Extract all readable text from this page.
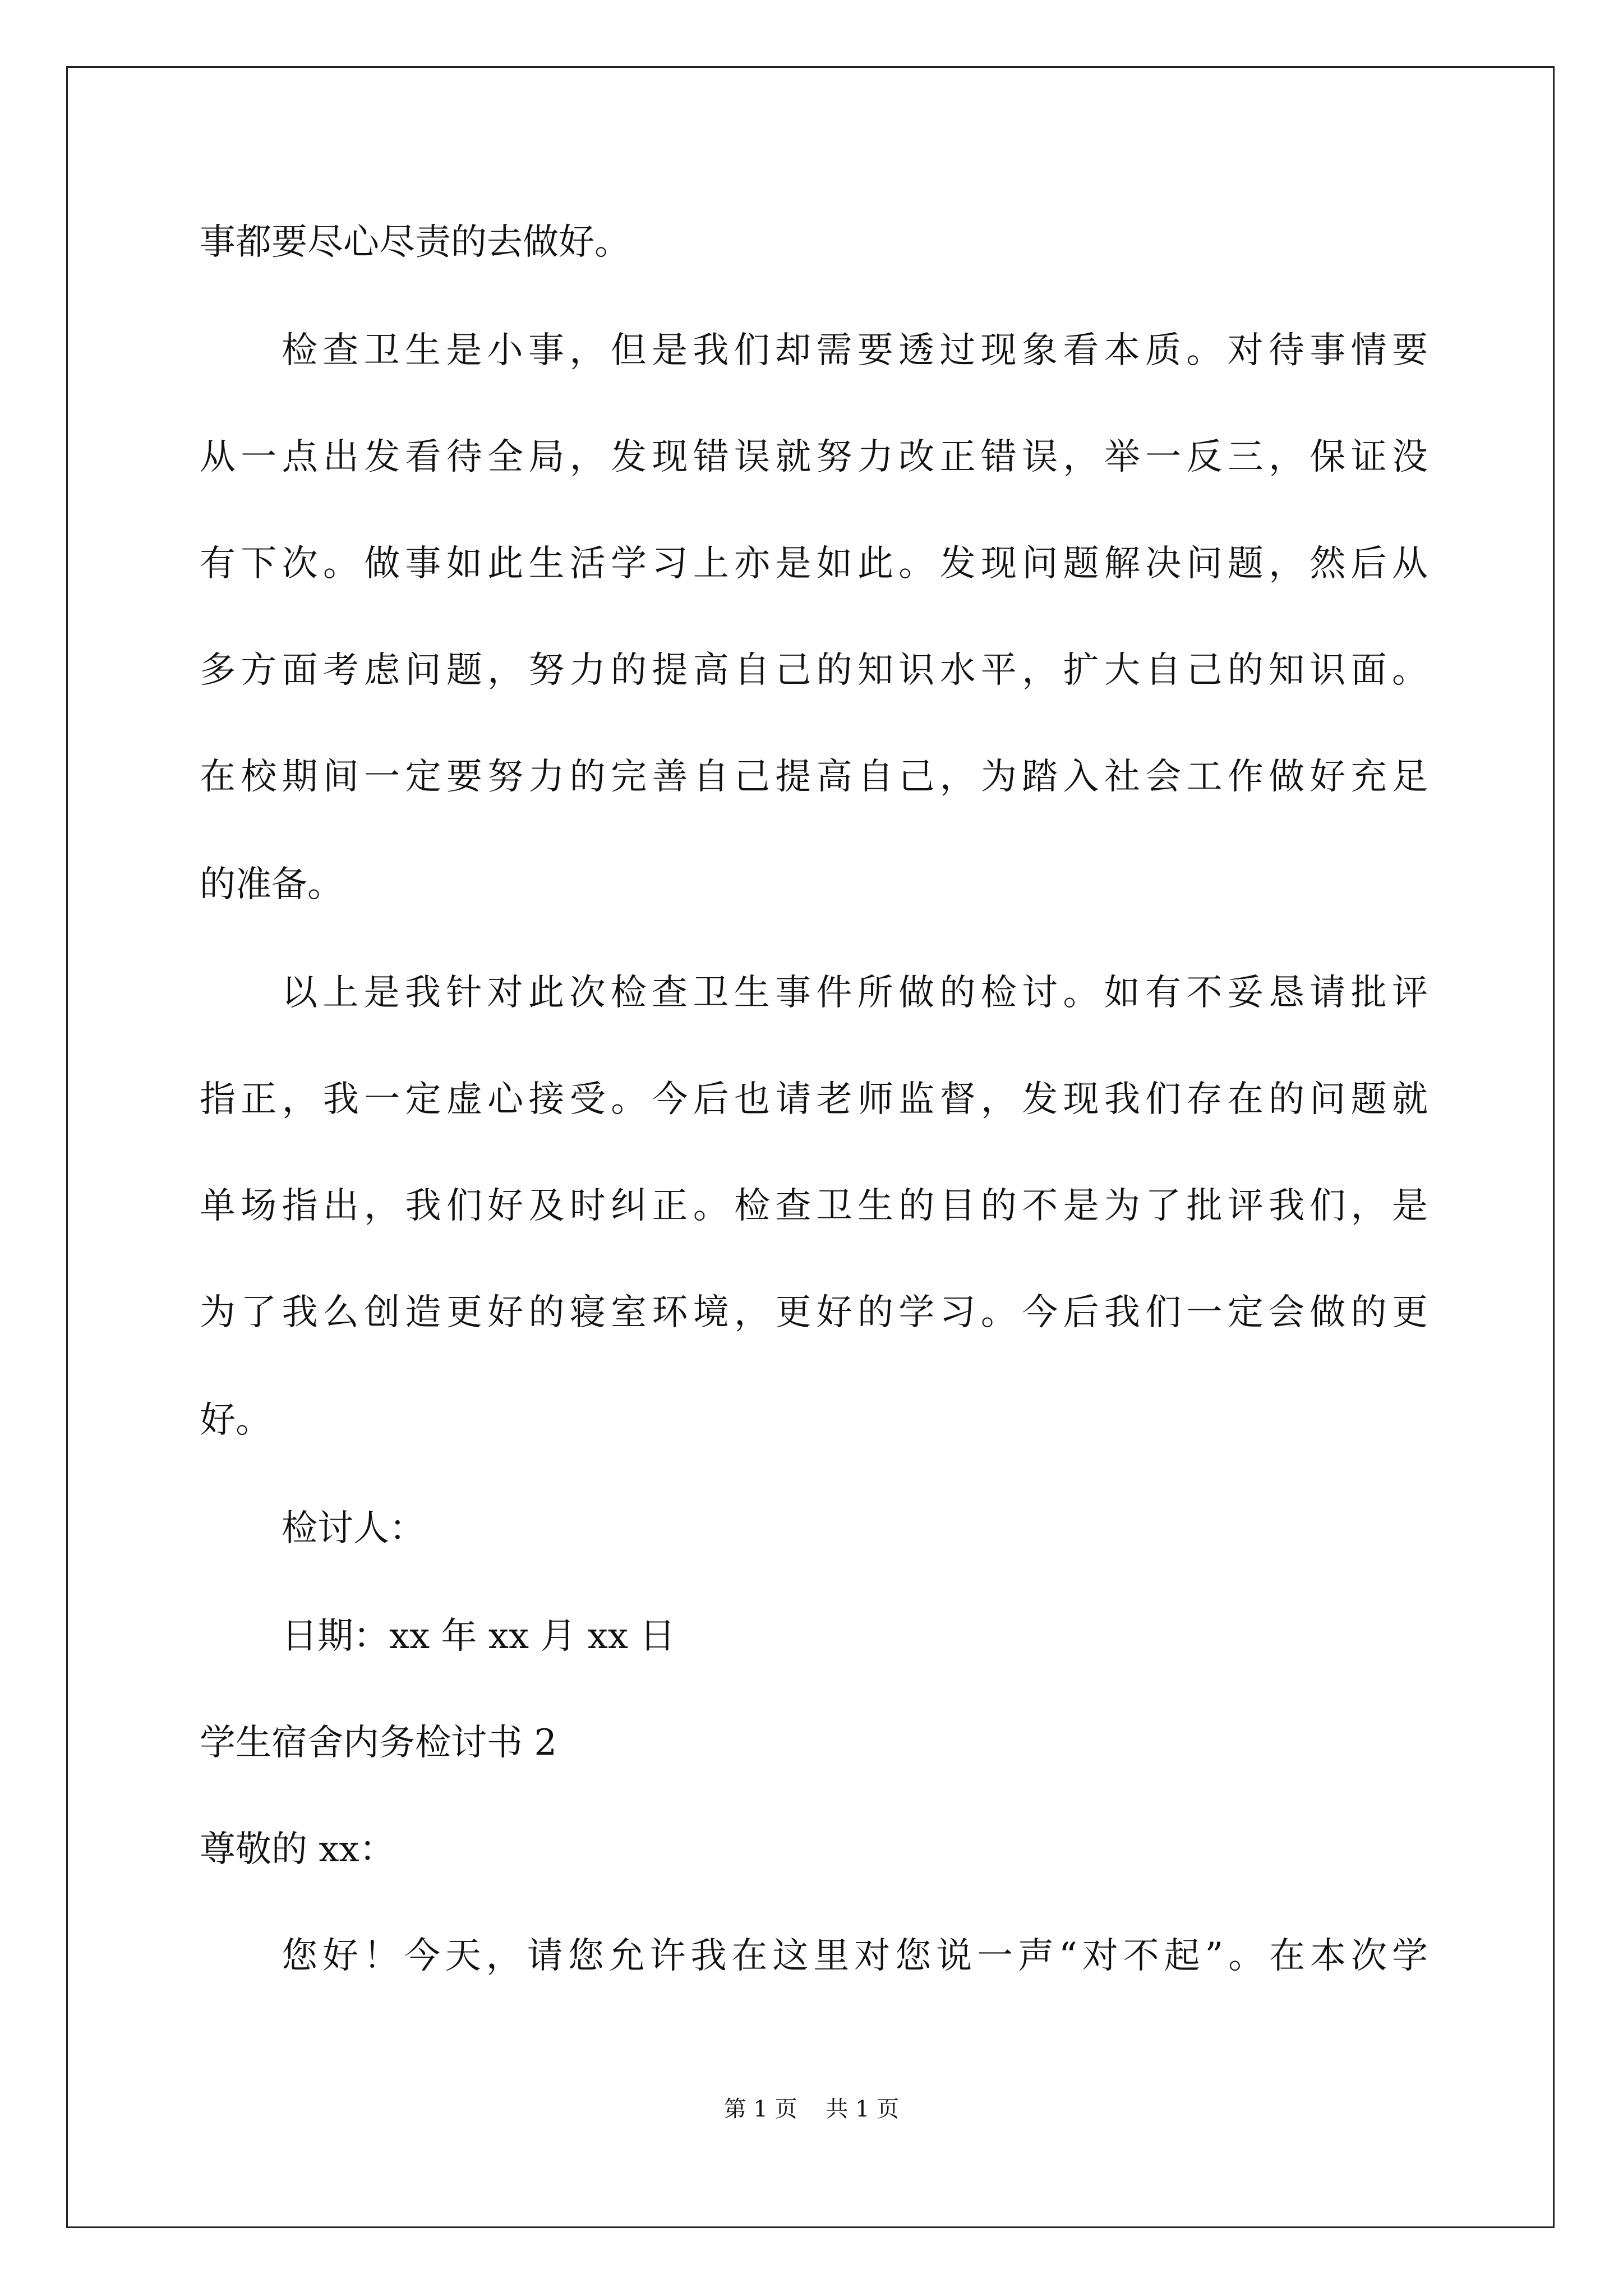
事都要尽心尽责的去做好。
检查卫生是小事，但是我们却需要透过现象看本质。对待事情要
从一点出发看待全局，发现错误就努力改正错误，举一反三，保证没
有下次。做事如此生活学习上亦是如此。发现问题解决问题，然后从
多方面考虑问题，努力的提高自己的知识水平，扩大自己的知识面。
在校期间一定要努力的完善自己提高自己，为踏入社会工作做好充足
的准备。
以上是我针对此次检查卫生事件所做的检讨。如有不妥恳请批评
指正，我一定虚心接受。今后也请老师监督，发现我们存在的问题就
单场指出，我们好及时纠正。检查卫生的目的不是为了批评我们，是
为了我么创造更好的寝室环境，更好的学习。今后我们一定会做的更
好。
检讨人：
日期：xx 年 xx 月 xx 日
学生宿舍内务检讨书 2
尊敬的 xx：
您好！今天，请您允许我在这里对您说一声“对不起”。在本次学
第 1 页    共 1 页
